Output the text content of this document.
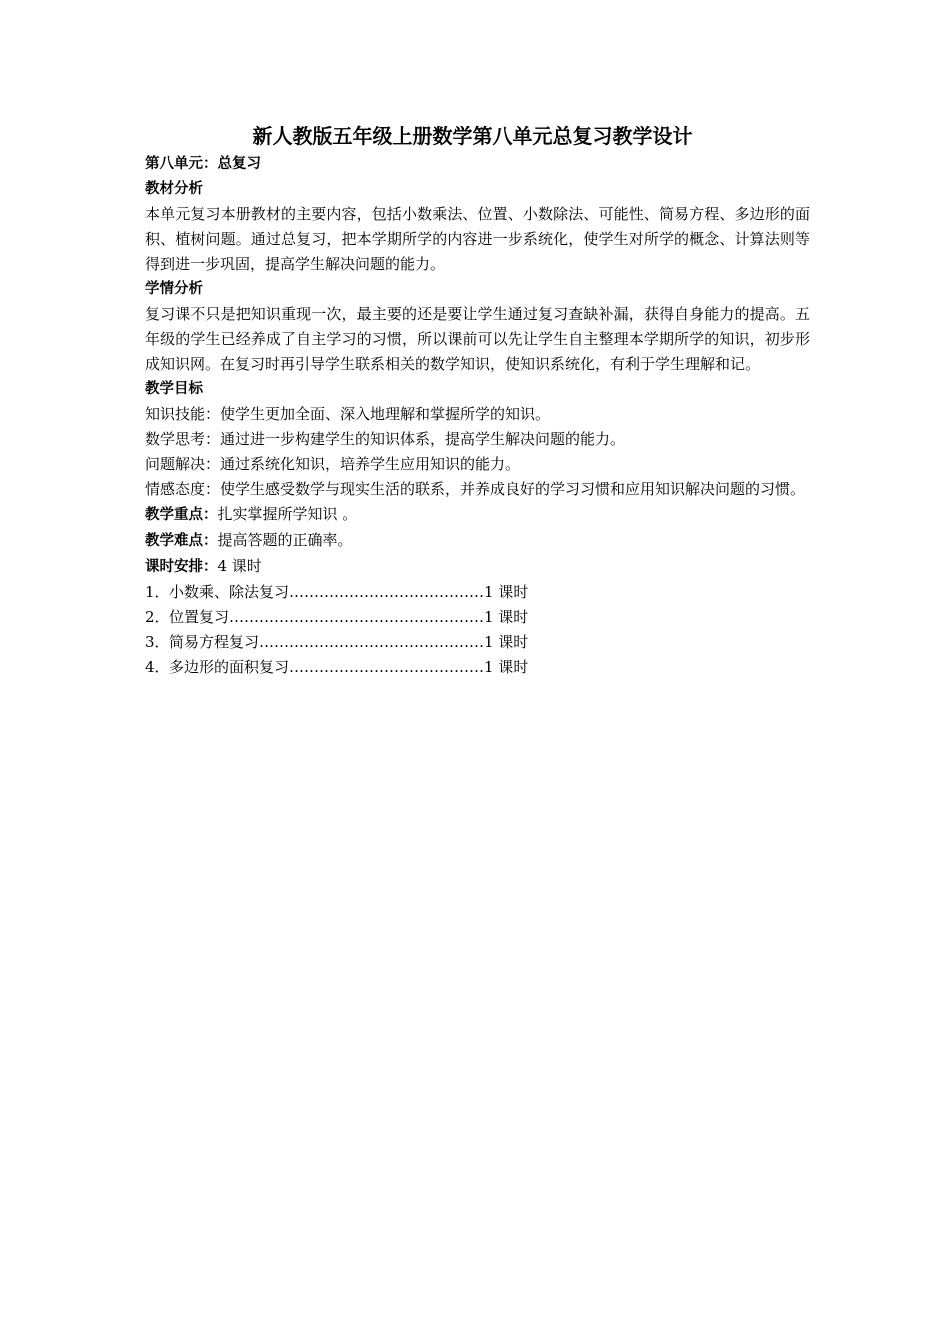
新人教版五年级上册数学第八单元总复习教学设计

第八单元：总复习

教材分析

本单元复习本册教材的主要内容，包括小数乘法、位置、小数除法、可能性、简易方程、多边形的面积、植树问题。通过总复习，把本学期所学的内容进一步系统化，使学生对所学的概念、计算法则等得到进一步巩固，提高学生解决问题的能力。

学情分析

复习课不只是把知识重现一次，最主要的还是要让学生通过复习查缺补漏，获得自身能力的提高。五年级的学生已经养成了自主学习的习惯，所以课前可以先让学生自主整理本学期所学的知识，初步形成知识网。在复习时再引导学生联系相关的数学知识，使知识系统化，有利于学生理解和记。

教学目标

知识技能：使学生更加全面、深入地理解和掌握所学的知识。

数学思考：通过进一步构建学生的知识体系，提高学生解决问题的能力。

问题解决：通过系统化知识，培养学生应用知识的能力。

情感态度：使学生感受数学与现实生活的联系，并养成良好的学习习惯和应用知识解决问题的习惯。

教学重点：扎实掌握所学知识 。

教学难点：提高答题的正确率。

课时安排：4 课时

1．小数乘、除法复习…………………………………1 课时

2．位置复习……………………………………………1 课时

3．简易方程复习………………………………………1 课时

4．多边形的面积复习…………………………………1 课时
